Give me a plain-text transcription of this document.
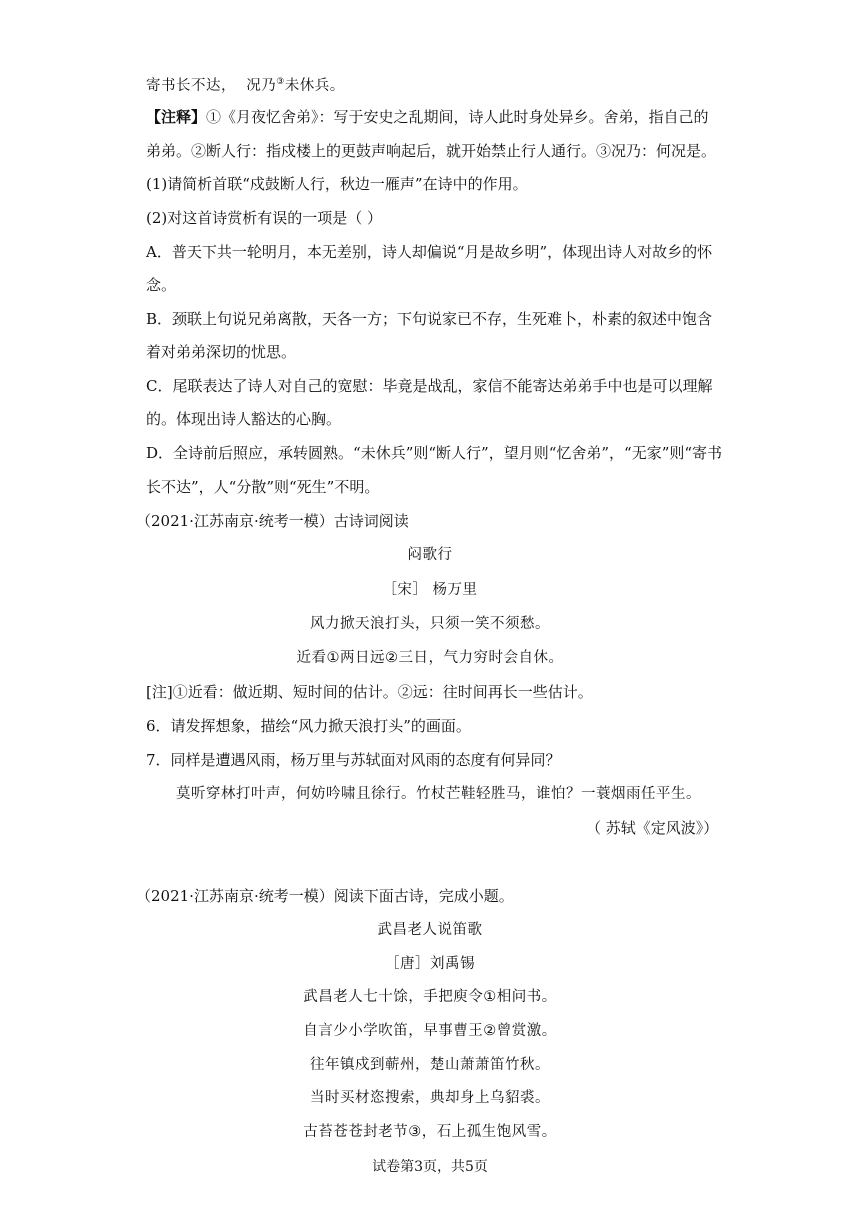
寄书长不达， 况乃③未休兵。
【注释】①《月夜忆舍弟》：写于安史之乱期间，诗人此时身处异乡。舍弟，指自己的
弟弟。②断人行：指戍楼上的更鼓声响起后，就开始禁止行人通行。③况乃：何况是。
(1)请简析首联“戍鼓断人行，秋边一雁声”在诗中的作用。
(2)对这首诗赏析有误的一项是（ ）
A．普天下共一轮明月，本无差别，诗人却偏说“月是故乡明”，体现出诗人对故乡的怀
念。
B．颈联上句说兄弟离散，天各一方；下句说家已不存，生死难卜，朴素的叙述中饱含
着对弟弟深切的忧思。
C．尾联表达了诗人对自己的宽慰：毕竟是战乱，家信不能寄达弟弟手中也是可以理解
的。体现出诗人豁达的心胸。
D．全诗前后照应，承转圆熟。“未休兵”则“断人行”，望月则“忆舍弟”，“无家”则“寄书
长不达”，人“分散”则“死生”不明。
（2021·江苏南京·统考一模）古诗词阅读
闷歌行
［宋］ 杨万里
风力掀天浪打头，只须一笑不须愁。
近看①两日远②三日，气力穷时会自休。
[注]①近看：做近期、短时间的估计。②远：往时间再长一些估计。
6．请发挥想象，描绘“风力掀天浪打头”的画面。
7．同样是遭遇风雨，杨万里与苏轼面对风雨的态度有何异同？
莫听穿林打叶声，何妨吟啸且徐行。竹杖芒鞋轻胜马，谁怕？一蓑烟雨任平生。
（ 苏轼《定风波》）
（2021·江苏南京·统考一模）阅读下面古诗，完成小题。
武昌老人说笛歌
［唐］刘禹锡
武昌老人七十馀，手把庾令①相问书。
自言少小学吹笛，早事曹王②曾赏激。
往年镇戍到蕲州，楚山萧萧笛竹秋。
当时买材恣搜索，典却身上乌貂裘。
古苔苍苍封老节③，石上孤生饱风雪。
试卷第3页，共5页
